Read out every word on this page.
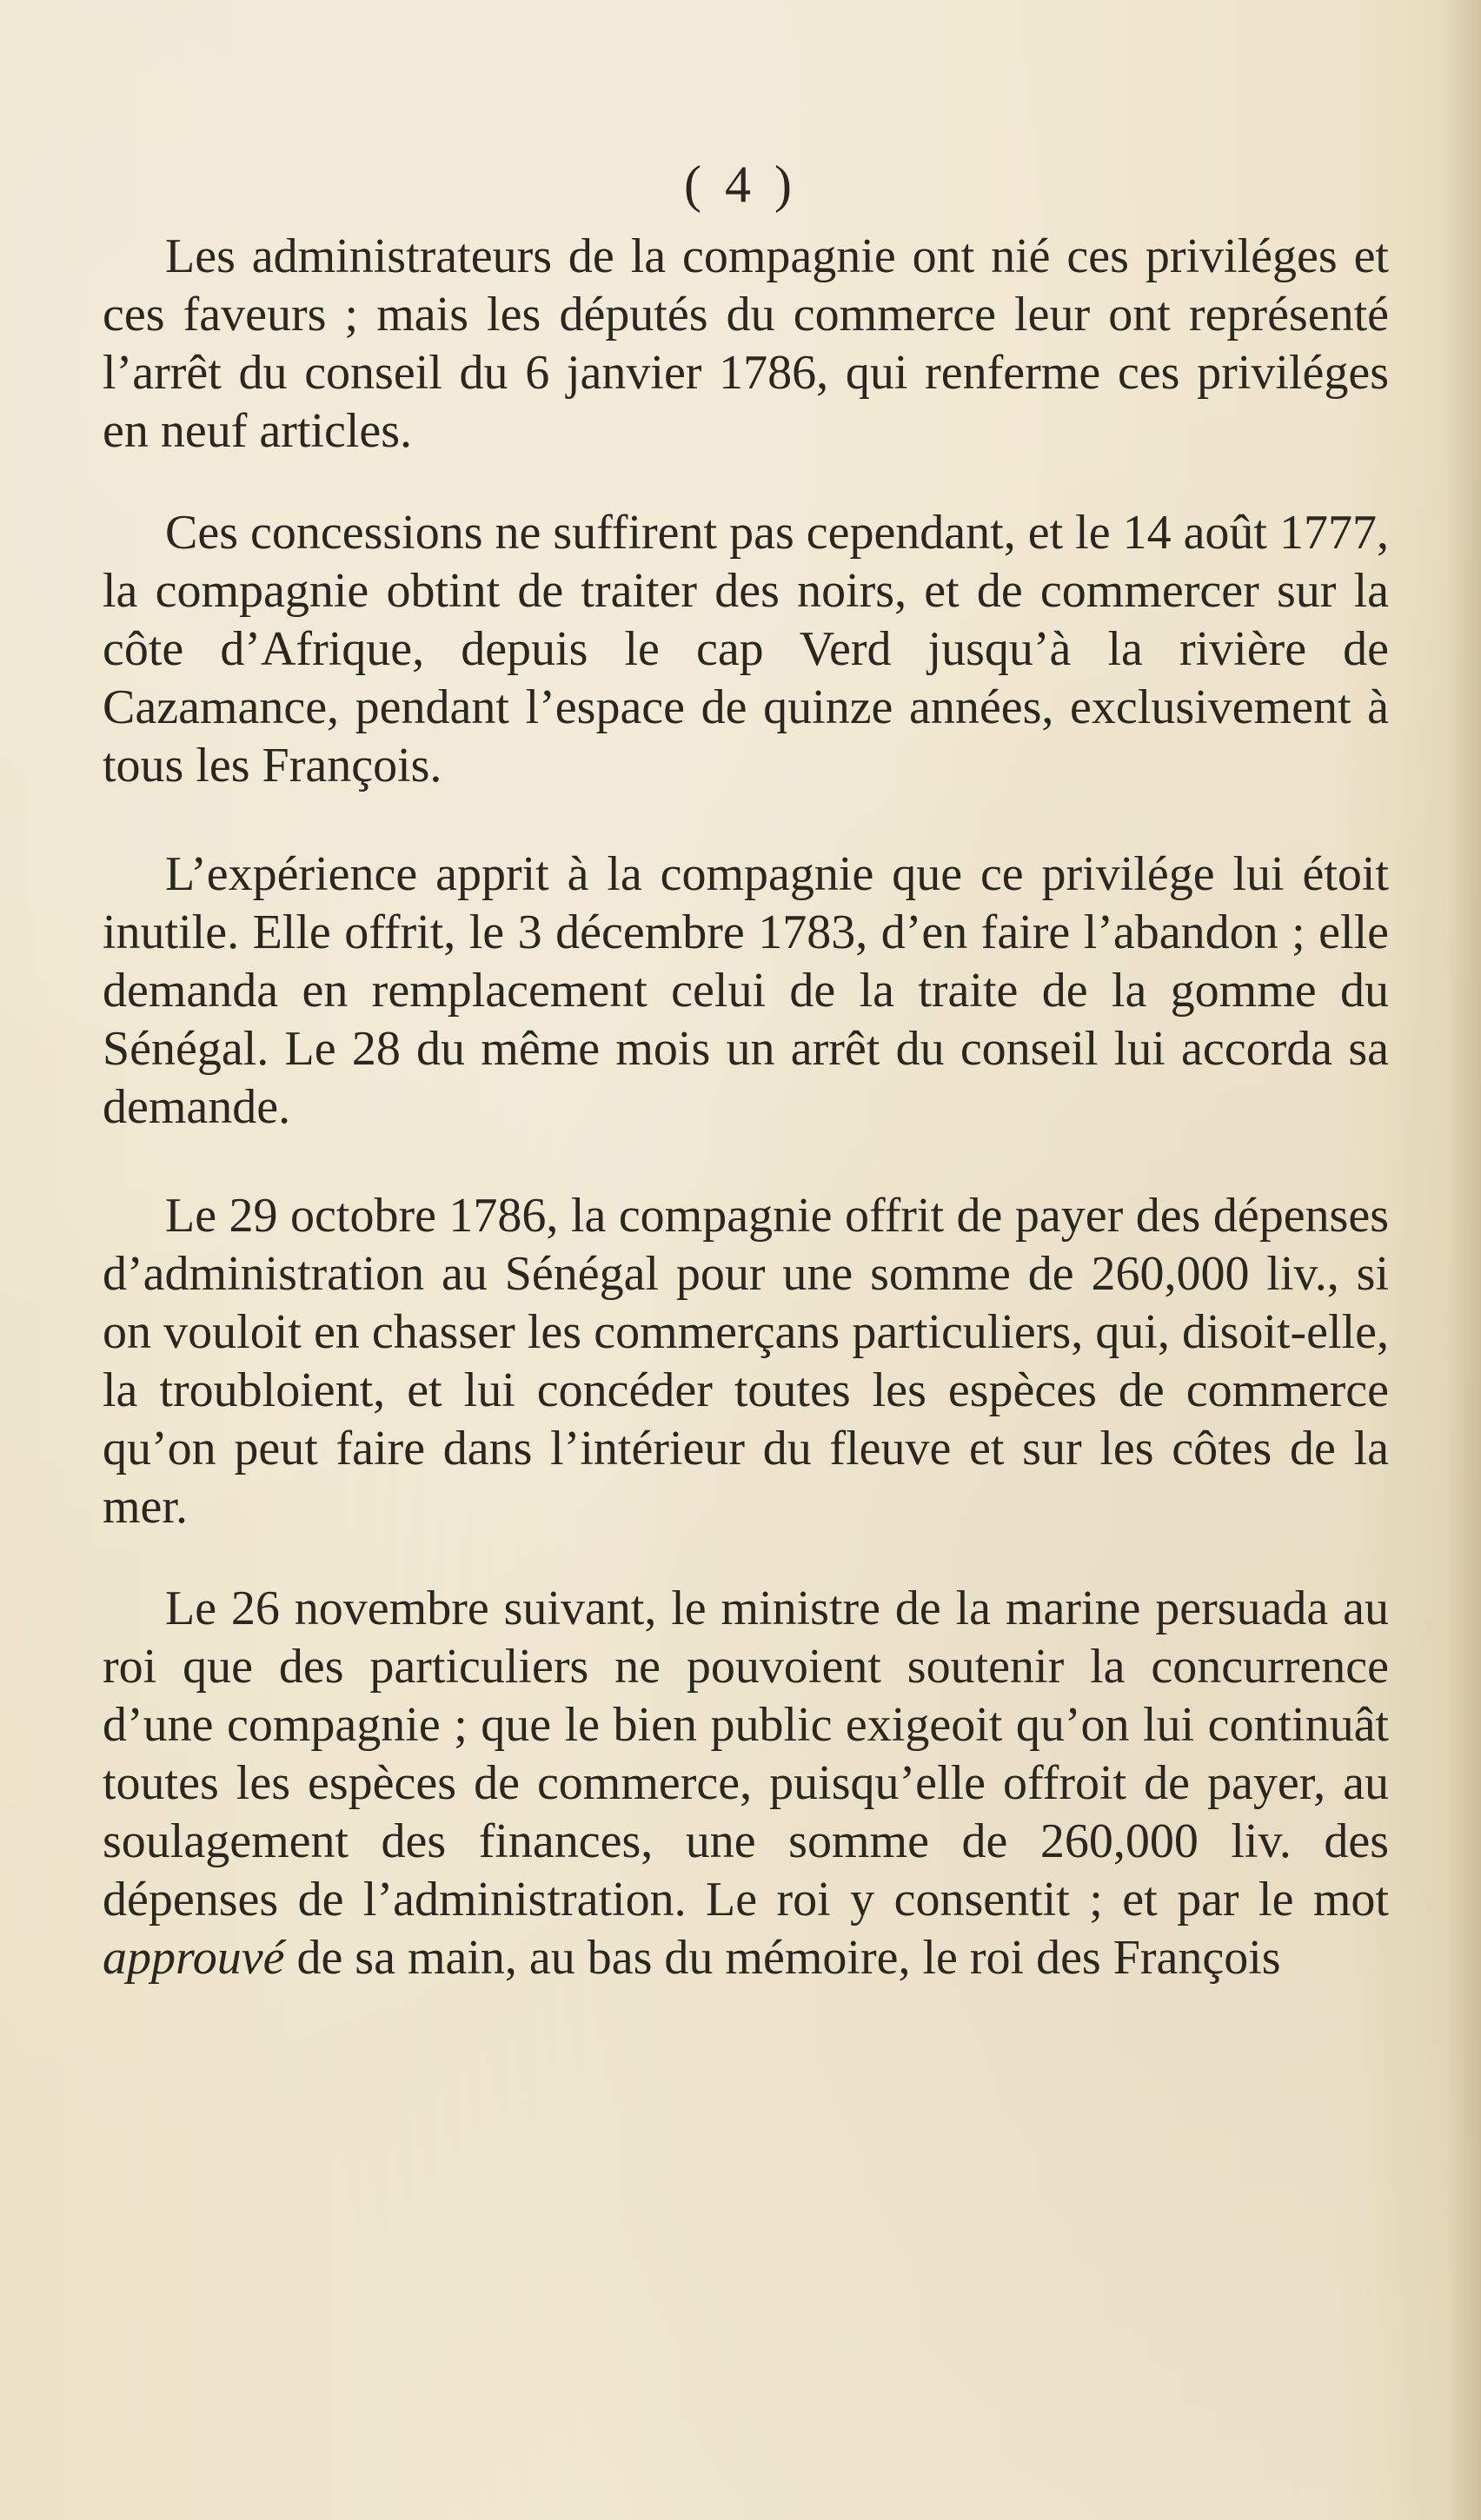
( 4 )

Les administrateurs de la compagnie ont nié ces priviléges et ces faveurs ; mais les députés du commerce leur ont représenté l’arrêt du conseil du 6 janvier 1786, qui renferme ces priviléges en neuf articles.

Ces concessions ne suffirent pas cependant, et le 14 août 1777, la compagnie obtint de traiter des noirs, et de commercer sur la côte d’Afrique, depuis le cap Verd jusqu’à la rivière de Cazamance, pendant l’espace de quinze années, exclusivement à tous les François.

L’expérience apprit à la compagnie que ce privilége lui étoit inutile. Elle offrit, le 3 décembre 1783, d’en faire l’abandon ; elle demanda en remplacement celui de la traite de la gomme du Sénégal. Le 28 du même mois un arrêt du conseil lui accorda sa demande.

Le 29 octobre 1786, la compagnie offrit de payer des dépenses d’administration au Sénégal pour une somme de 260,000 liv., si on vouloit en chasser les commerçans particuliers, qui, disoit-elle, la troubloient, et lui concéder toutes les espèces de commerce qu’on peut faire dans l’intérieur du fleuve et sur les côtes de la mer.

Le 26 novembre suivant, le ministre de la marine persuada au roi que des particuliers ne pouvoient soutenir la concurrence d’une compagnie ; que le bien public exigeoit qu’on lui continuât toutes les espèces de commerce, puisqu’elle offroit de payer, au soulagement des finances, une somme de 260,000 liv. des dépenses de l’administration. Le roi y consentit ; et par le mot approuvé de sa main, au bas du mémoire, le roi des François
